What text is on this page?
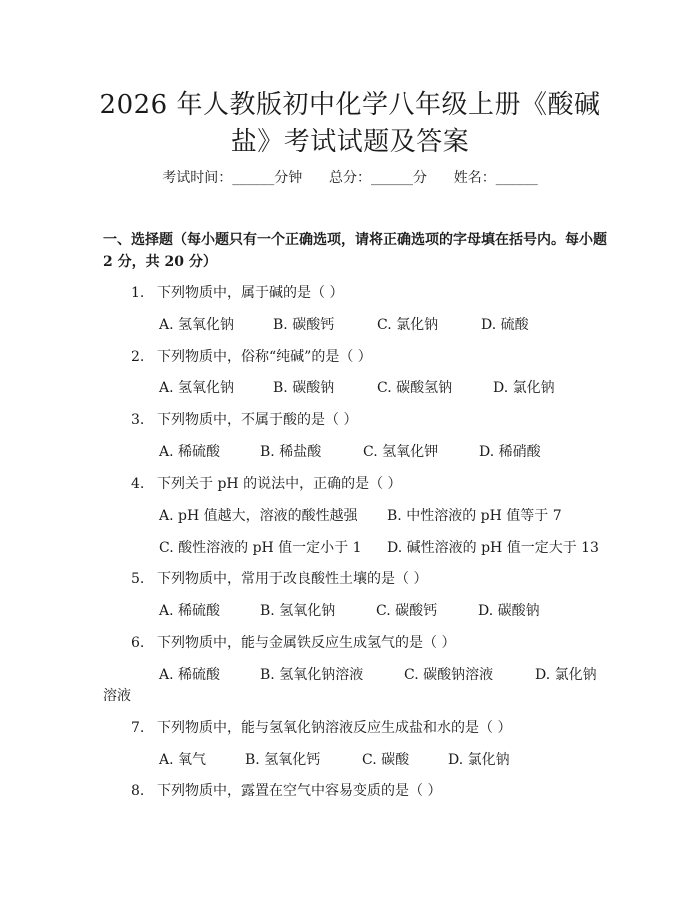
2026 年人教版初中化学八年级上册《酸碱
盐》考试试题及答案
考试时间：______分钟      总分：______分      姓名：______
一、选择题（每小题只有一个正确选项，请将正确选项的字母填在括号内。每小题 2 分，共 20 分）
1. 下列物质中，属于碱的是（ ）
A. 氢氧化钠	B. 碳酸钙	C. 氯化钠	D. 硫酸
2. 下列物质中，俗称“纯碱”的是（ ）
A. 氢氧化钠	B. 碳酸钠	C. 碳酸氢钠	D. 氯化钠
3. 下列物质中，不属于酸的是（ ）
A. 稀硫酸	B. 稀盐酸	C. 氢氧化钾	D. 稀硝酸
4. 下列关于 pH 的说法中，正确的是（ ）
A. pH 值越大，溶液的酸性越强 B. 中性溶液的 pH 值等于 7
C. 酸性溶液的 pH 值一定小于 1 D. 碱性溶液的 pH 值一定大于 13
5. 下列物质中，常用于改良酸性土壤的是（ ）
A. 稀硫酸	B. 氢氧化钠	C. 碳酸钙	D. 碳酸钠
6. 下列物质中，能与金属铁反应生成氢气的是（ ）
A. 稀硫酸	B. 氢氧化钠溶液	C. 碳酸钠溶液	D. 氯化钠
溶液
7. 下列物质中，能与氢氧化钠溶液反应生成盐和水的是（ ）
A. 氧气	B. 氢氧化钙	C. 碳酸	D. 氯化钠
8. 下列物质中，露置在空气中容易变质的是（ ）
